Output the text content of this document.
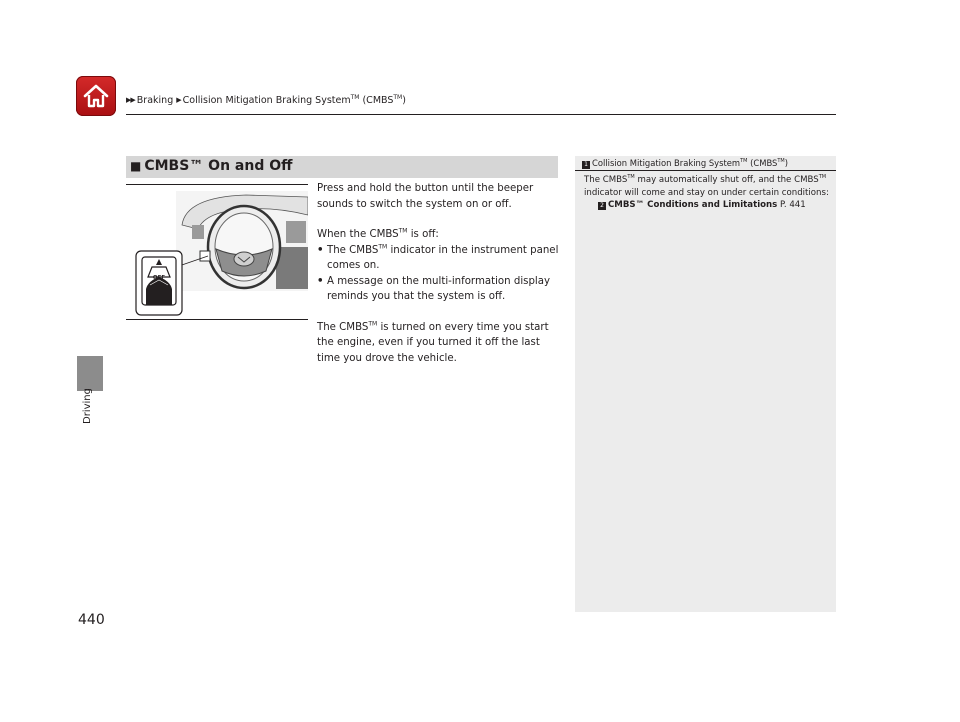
▶▶ Braking ▶ Collision Mitigation Braking System™ (CMBS™)
Driving
440
■ CMBS™ On and Off
OFF

Press and hold the button until the beeper sounds to switch the system on or off.

When the CMBS™ is off:

• The CMBS™ indicator in the instrument panel comes on.
• A message on the multi-information display reminds you that the system is off.

The CMBS™ is turned on every time you start the engine, even if you turned it off the last time you drove the vehicle.

1 Collision Mitigation Braking System™ (CMBS™)
The CMBS™ may automatically shut off, and the CMBS™ indicator will come and stay on under certain conditions:
2 CMBS™ Conditions and Limitations P. 441
